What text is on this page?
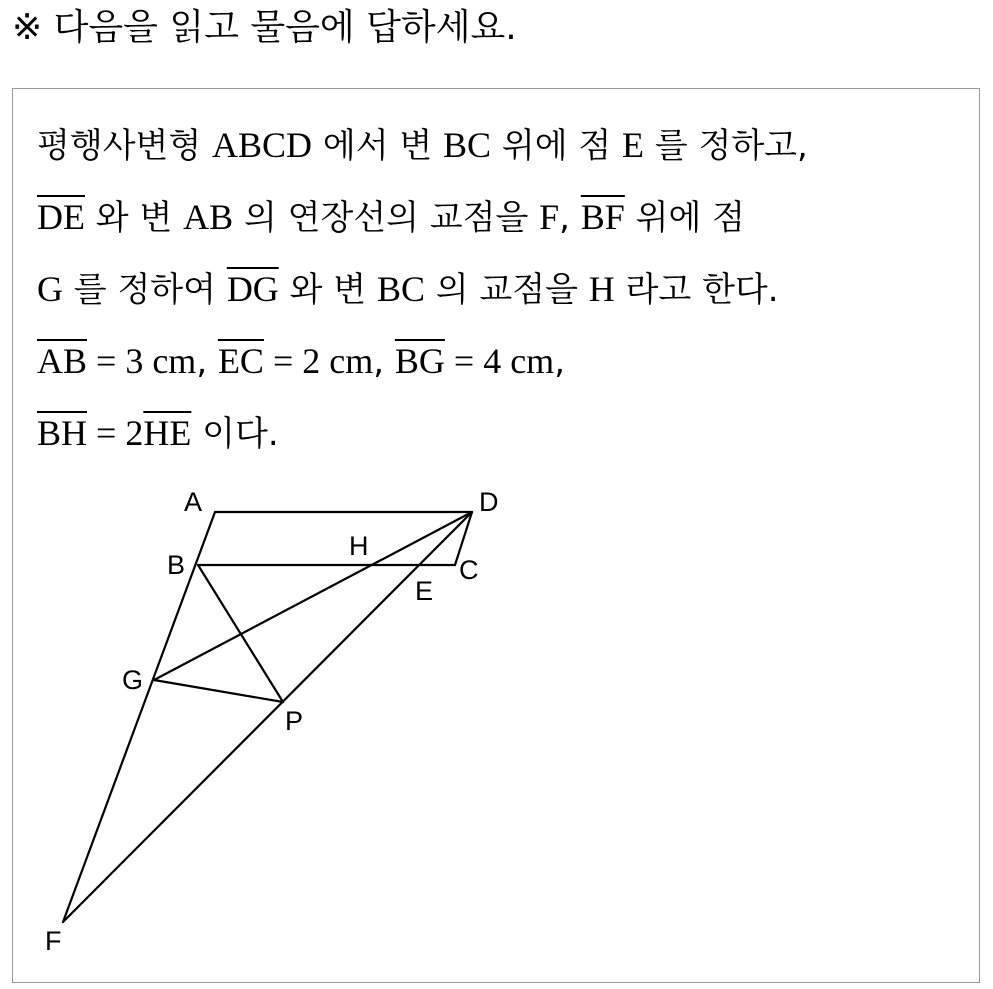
※ 다음을 읽고 물음에 답하세요.
평행사변형 ABCD 에서 변 BC 위에 점 E 를 정하고,
$\overline{DE}$ 와 변 AB 의 연장선의 교점을 F, $\overline{BF}$ 위에 점
G 를 정하여 $\overline{DG}$ 와 변 BC 의 교점을 H 라고 한다.
$\overline{AB} = 3$ cm, $\overline{EC} = 2$ cm, $\overline{BG} = 4$ cm,
$\overline{BH} = 2\overline{HE}$ 이다.
A	D
H
B	C
E
G
P
F
